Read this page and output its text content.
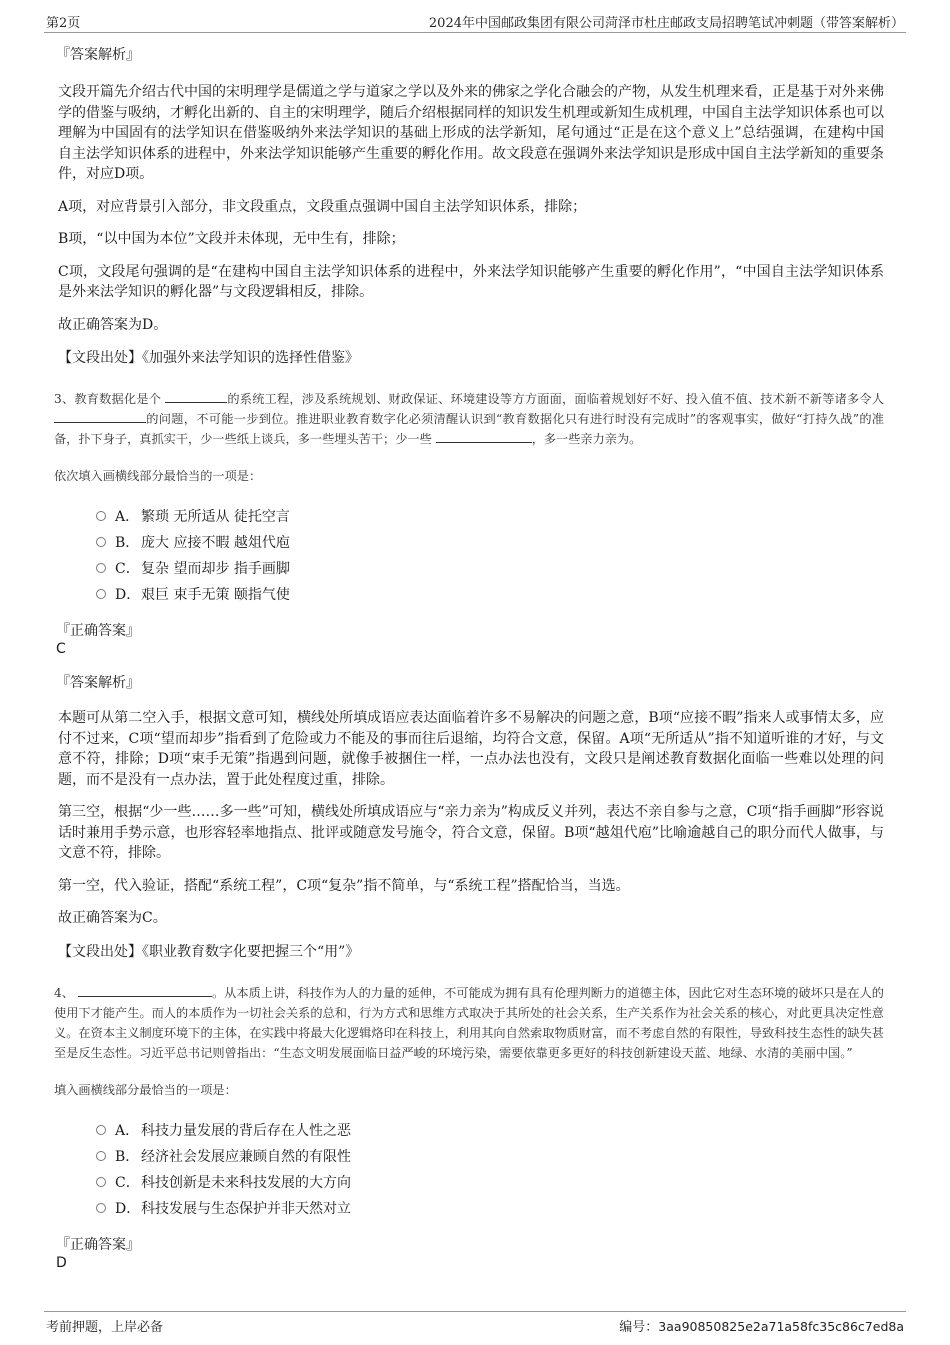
第2页	2024年中国邮政集团有限公司菏泽市杜庄邮政支局招聘笔试冲刺题（带答案解析）
『答案解析』

文段开篇先介绍古代中国的宋明理学是儒道之学与道家之学以及外来的佛家之学化合融会的产物，从发生机理来看，正是基于对外来佛学的借鉴与吸纳，才孵化出新的、自主的宋明理学，随后介绍根据同样的知识发生机理或新知生成机理，中国自主法学知识体系也可以理解为中国固有的法学知识在借鉴吸纳外来法学知识的基础上形成的法学新知，尾句通过“正是在这个意义上”总结强调，在建构中国自主法学知识体系的进程中，外来法学知识能够产生重要的孵化作用。故文段意在强调外来法学知识是形成中国自主法学新知的重要条件，对应D项。

A项，对应背景引入部分，非文段重点，文段重点强调中国自主法学知识体系，排除；

B项，“以中国为本位”文段并未体现，无中生有，排除；

C项，文段尾句强调的是“在建构中国自主法学知识体系的进程中，外来法学知识能够产生重要的孵化作用”，“中国自主法学知识体系是外来法学知识的孵化器”与文段逻辑相反，排除。

故正确答案为D。

【文段出处】《加强外来法学知识的选择性借鉴》
3、教育数据化是个	的系统工程，涉及系统规划、财政保证、环境建设等方方面面，面临着规划好不好、投入值不值、技术新不新等诸多令人 的问题，不可能一步到位。推进职业教育数字化必须清醒认识到“教育数据化只有进行时没有完成时”的客观事实，做好“打持久战”的准备，扑下身子，真抓实干，少一些纸上谈兵，多一些埋头苦干；少一些	，多一些亲力亲为。
依次填入画横线部分最恰当的一项是：
A． 繁琐 无所适从 徒托空言
B． 庞大 应接不暇 越俎代庖
C．复杂 望而却步 指手画脚
D．艰巨 束手无策 颐指气使
『正确答案』
C
『答案解析』

本题可从第二空入手，根据文意可知，横线处所填成语应表达面临着许多不易解决的问题之意，B项“应接不暇”指来人或事情太多，应付不过来，C项“望而却步”指看到了危险或力不能及的事而往后退缩，均符合文意，保留。A项“无所适从”指不知道听谁的才好，与文意不符，排除；D项“束手无策”指遇到问题，就像手被捆住一样，一点办法也没有，文段只是阐述教育数据化面临一些难以处理的问题，而不是没有一点办法，置于此处程度过重，排除。

第三空，根据“少一些……多一些”可知，横线处所填成语应与“亲力亲为”构成反义并列，表达不亲自参与之意，C项“指手画脚”形容说话时兼用手势示意，也形容轻率地指点、批评或随意发号施令，符合文意，保留。B项“越俎代庖”比喻逾越自己的职分而代人做事，与文意不符，排除。

第一空，代入验证，搭配“系统工程”，C项“复杂”指不简单，与“系统工程”搭配恰当，当选。

故正确答案为C。

【文段出处】《职业教育数字化要把握三个“用”》
4、	。从本质上讲，科技作为人的力量的延伸，不可能成为拥有具有伦理判断力的道德主体，因此它对生态环境的破坏只是在人的使用下才能产生。而人的本质作为一切社会关系的总和，行为方式和思维方式取决于其所处的社会关系，生产关系作为社会关系的核心，对此更具决定性意义。在资本主义制度环境下的主体，在实践中将最大化逻辑烙印在科技上，利用其向自然索取物质财富，而不考虑自然的有限性，导致科技生态性的缺失甚至是反生态性。习近平总书记则曾指出：“生态文明发展面临日益严峻的环境污染，需要依靠更多更好的科技创新建设天蓝、地绿、水清的美丽中国。”
填入画横线部分最恰当的一项是：
A． 科技力量发展的背后存在人性之恶
B． 经济社会发展应兼顾自然的有限性
C．科技创新是未来科技发展的大方向
D．科技发展与生态保护并非天然对立
『正确答案』
D
考前押题，上岸必备	编号：3aa90850825e2a71a58fc35c86c7ed8a
